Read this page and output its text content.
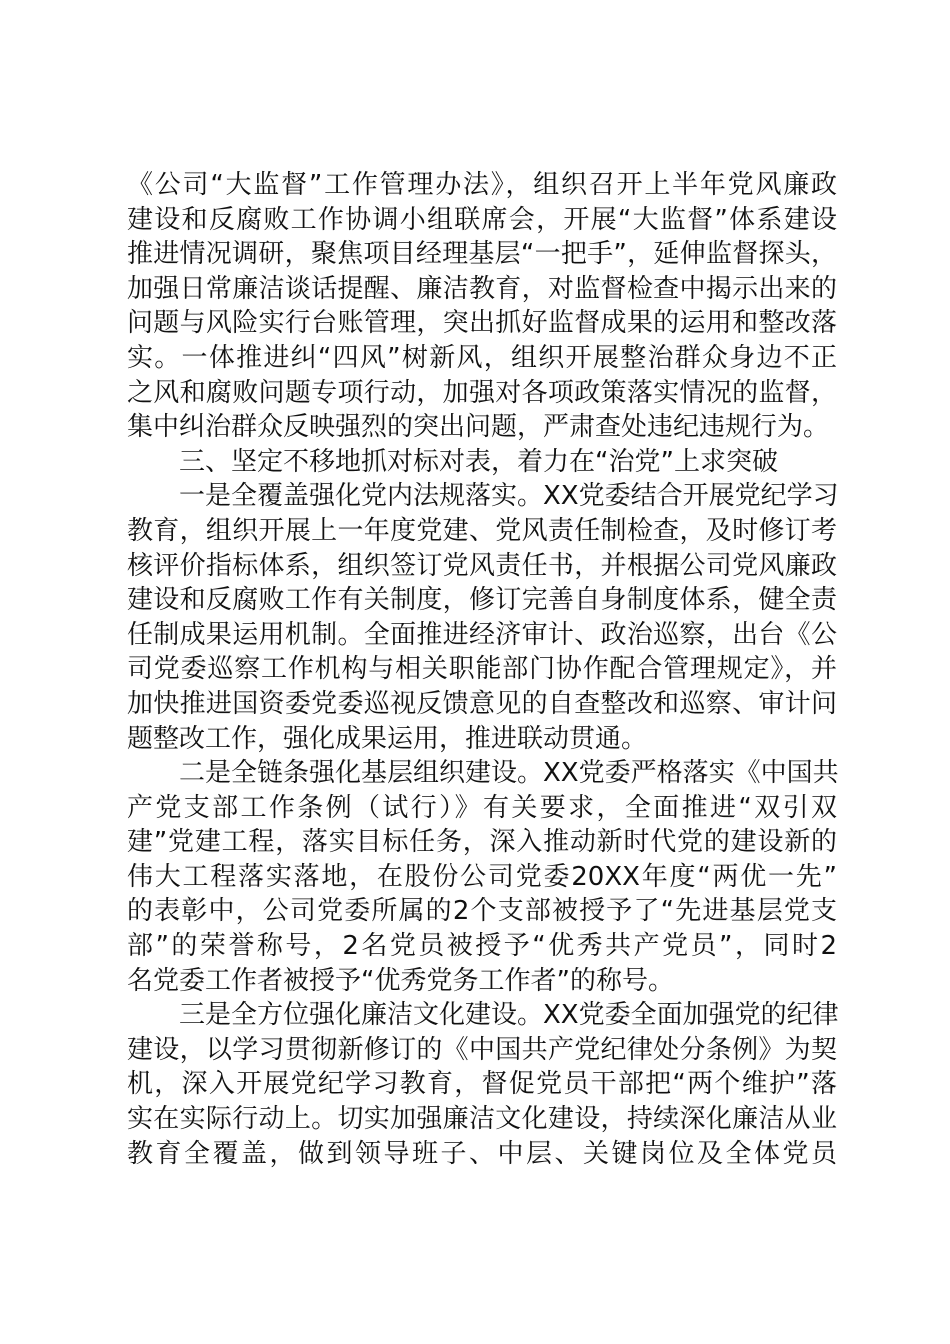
《公司“大监督”工作管理办法》，组织召开上半年党风廉政
建设和反腐败工作协调小组联席会，开展“大监督”体系建设
推进情况调研，聚焦项目经理基层“一把手”，延伸监督探头，
加强日常廉洁谈话提醒、廉洁教育，对监督检查中揭示出来的
问题与风险实行台账管理，突出抓好监督成果的运用和整改落
实。一体推进纠“四风”树新风，组织开展整治群众身边不正
之风和腐败问题专项行动，加强对各项政策落实情况的监督，
集中纠治群众反映强烈的突出问题，严肃查处违纪违规行为。
　　三、坚定不移地抓对标对表，着力在“治党”上求突破
　　一是全覆盖强化党内法规落实。XX党委结合开展党纪学习
教育，组织开展上一年度党建、党风责任制检查，及时修订考
核评价指标体系，组织签订党风责任书，并根据公司党风廉政
建设和反腐败工作有关制度，修订完善自身制度体系，健全责
任制成果运用机制。全面推进经济审计、政治巡察，出台《公
司党委巡察工作机构与相关职能部门协作配合管理规定》，并
加快推进国资委党委巡视反馈意见的自查整改和巡察、审计问
题整改工作，强化成果运用，推进联动贯通。
　　二是全链条强化基层组织建设。XX党委严格落实《中国共
产党支部工作条例（试行）》有关要求，全面推进“双引双
建”党建工程，落实目标任务，深入推动新时代党的建设新的
伟大工程落实落地，在股份公司党委20XX年度“两优一先”
的表彰中，公司党委所属的2个支部被授予了“先进基层党支
部”的荣誉称号，2名党员被授予“优秀共产党员”，同时2
名党委工作者被授予“优秀党务工作者”的称号。
　　三是全方位强化廉洁文化建设。XX党委全面加强党的纪律
建设，以学习贯彻新修订的《中国共产党纪律处分条例》为契
机，深入开展党纪学习教育，督促党员干部把“两个维护”落
实在实际行动上。切实加强廉洁文化建设，持续深化廉洁从业
教育全覆盖，做到领导班子、中层、关键岗位及全体党员
